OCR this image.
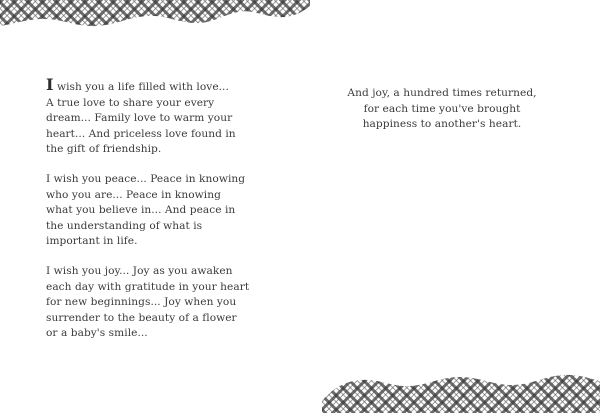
I wish you a life filled with love...
A true love to share your every
dream... Family love to warm your
heart... And priceless love found in
the gift of friendship.

I wish you peace... Peace in knowing
who you are... Peace in knowing
what you believe in... And peace in
the understanding of what is
important in life.

I wish you joy... Joy as you awaken
each day with gratitude in your heart
for new beginnings... Joy when you
surrender to the beauty of a flower
or a baby's smile...

And joy, a hundred times returned,
for each time you've brought
happiness to another's heart.
